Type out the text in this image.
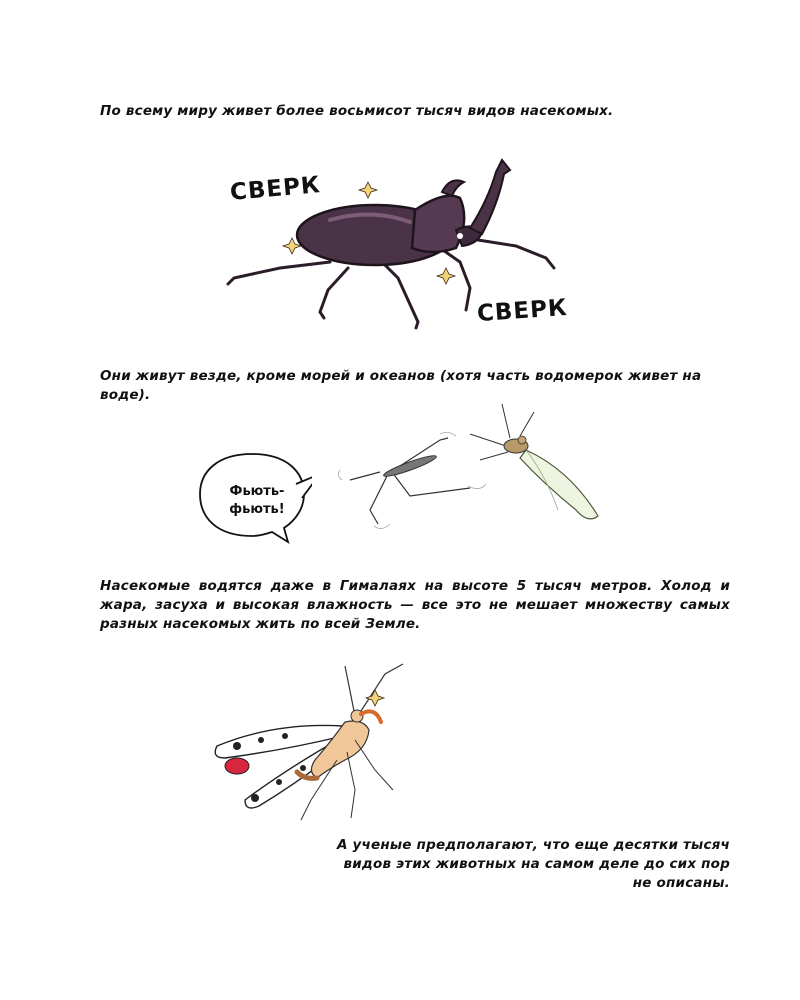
По всему миру живет более восьмисот тысяч видов насекомых.

СВЕРК
СВЕРК

Они живут везде, кроме морей и океанов (хотя часть водомерок живет на воде).

Фьють-
фьють!

Насекомые водятся даже в Гималаях на высоте 5 тысяч метров. Холод и жара, засуха и высокая влажность — все это не мешает множеству самых разных насекомых жить по всей Земле.

А ученые предполагают, что еще десятки тысяч видов этих животных на самом деле до сих пор не описаны.
